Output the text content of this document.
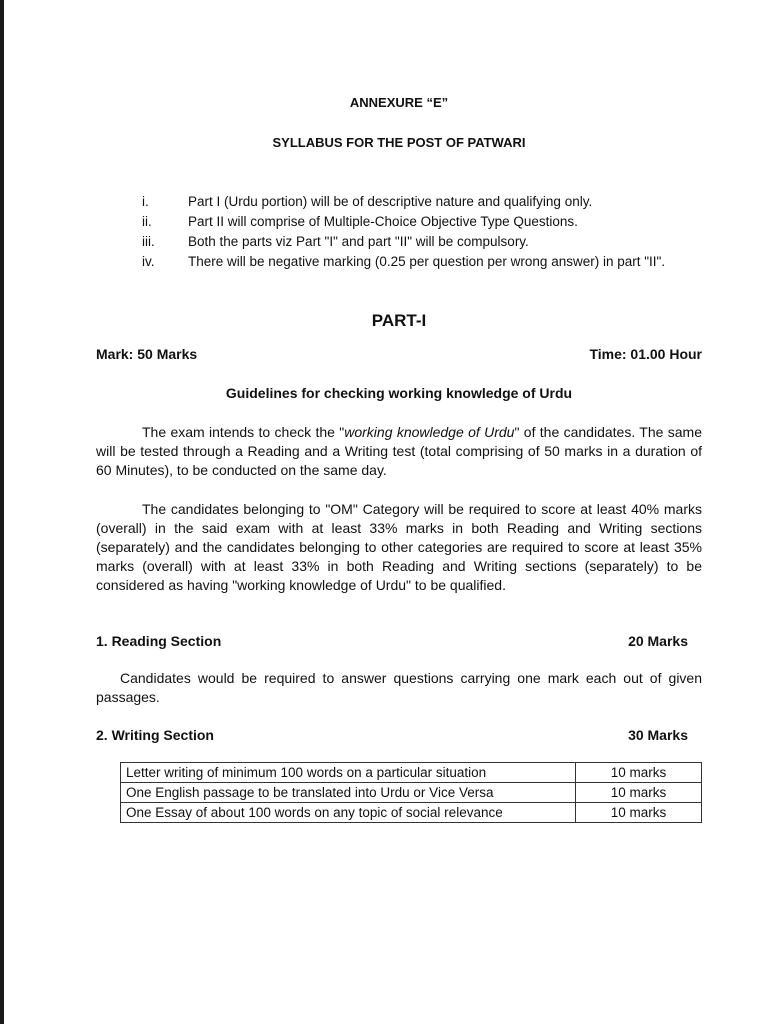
ANNEXURE “E”
SYLLABUS FOR THE POST OF PATWARI
i.	Part I (Urdu portion) will be of descriptive nature and qualifying only.
ii.	Part II will comprise of Multiple-Choice Objective Type Questions.
iii.	Both the parts viz Part "I" and part "II" will be compulsory.
iv.	There will be negative marking (0.25 per question per wrong answer) in part "II".
PART-I
Mark: 50 Marks	Time: 01.00 Hour
Guidelines for checking working knowledge of Urdu
The exam intends to check the "working knowledge of Urdu" of the candidates. The same will be tested through a Reading and a Writing test (total comprising of 50 marks in a duration of 60 Minutes), to be conducted on the same day.
The candidates belonging to "OM" Category will be required to score at least 40% marks (overall) in the said exam with at least 33% marks in both Reading and Writing sections (separately) and the candidates belonging to other categories are required to score at least 35% marks (overall) with at least 33% in both Reading and Writing sections (separately) to be considered as having "working knowledge of Urdu" to be qualified.
1. Reading Section	20 Marks
Candidates would be required to answer questions carrying one mark each out of given passages.
2. Writing Section	30 Marks
Letter writing of minimum 100 words on a particular situation	10 marks
One English passage to be translated into Urdu or Vice Versa	10 marks
One Essay of about 100 words on any topic of social relevance	10 marks
